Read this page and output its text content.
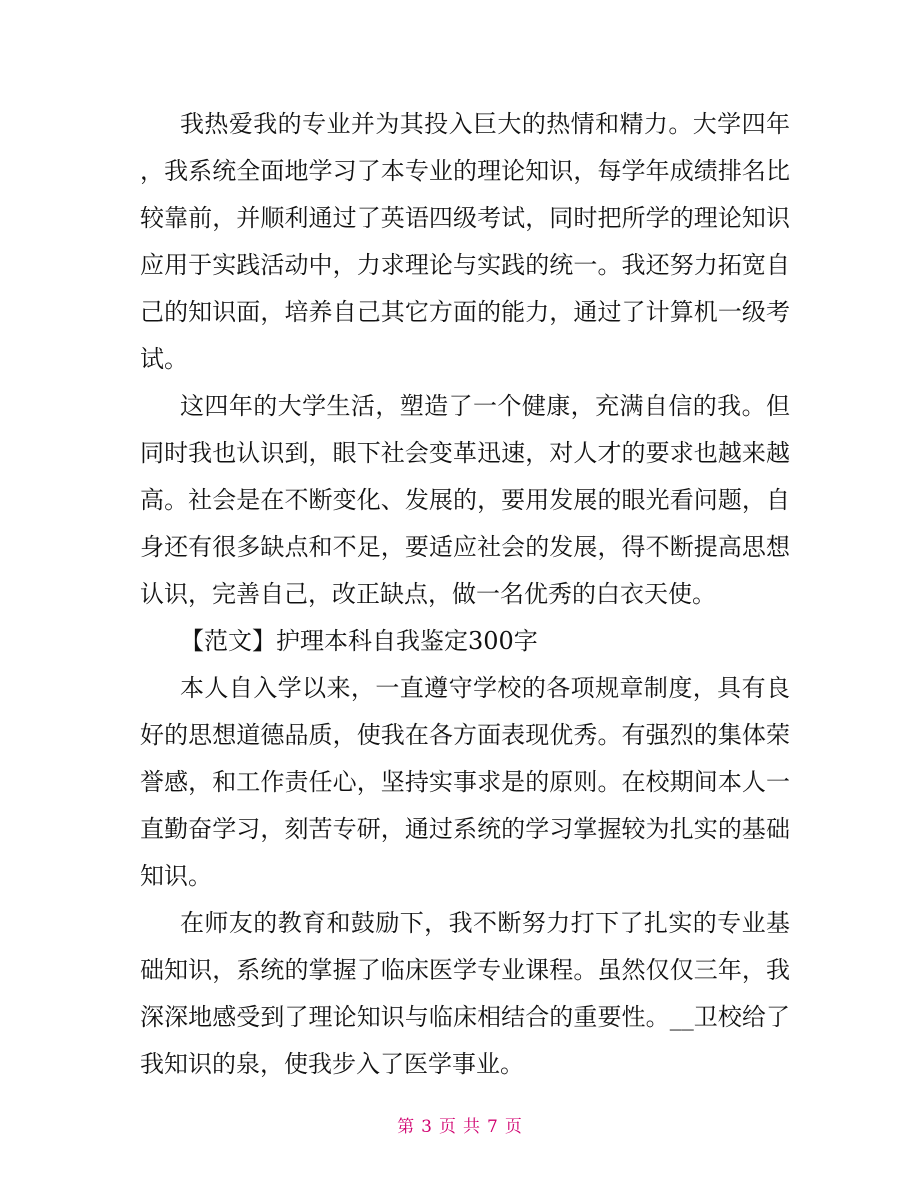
我热爱我的专业并为其投入巨大的热情和精力。大学四年
，我系统全面地学习了本专业的理论知识，每学年成绩排名比
较靠前，并顺利通过了英语四级考试，同时把所学的理论知识
应用于实践活动中，力求理论与实践的统一。我还努力拓宽自
己的知识面，培养自己其它方面的能力，通过了计算机一级考
试。
这四年的大学生活，塑造了一个健康，充满自信的我。但
同时我也认识到，眼下社会变革迅速，对人才的要求也越来越
高。社会是在不断变化、发展的，要用发展的眼光看问题，自
身还有很多缺点和不足，要适应社会的发展，得不断提高思想
认识，完善自己，改正缺点，做一名优秀的白衣天使。
【范文】护理本科自我鉴定300字
本人自入学以来，一直遵守学校的各项规章制度，具有良
好的思想道德品质，使我在各方面表现优秀。有强烈的集体荣
誉感，和工作责任心，坚持实事求是的原则。在校期间本人一
直勤奋学习，刻苦专研，通过系统的学习掌握较为扎实的基础
知识。
在师友的教育和鼓励下，我不断努力打下了扎实的专业基
础知识，系统的掌握了临床医学专业课程。虽然仅仅三年，我
深深地感受到了理论知识与临床相结合的重要性。__卫校给了
我知识的泉，使我步入了医学事业。
第 3 页 共 7 页
